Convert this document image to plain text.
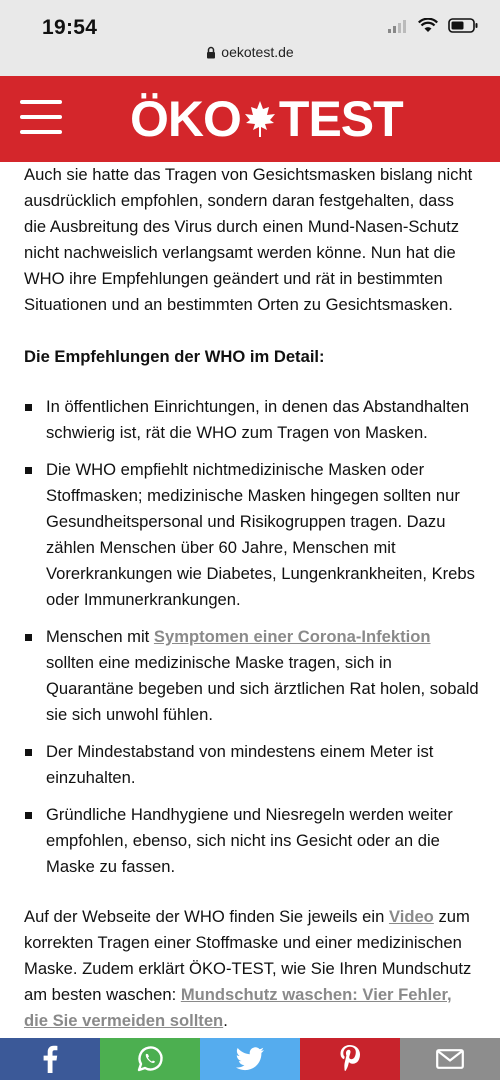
19:54
oekotest.de
ÖKO TEST

Auch sie hatte das Tragen von Gesichtsmasken bislang nicht ausdrücklich empfohlen, sondern daran festgehalten, dass die Ausbreitung des Virus durch einen Mund-Nasen-Schutz nicht nachweislich verlangsamt werden könne. Nun hat die WHO ihre Empfehlungen geändert und rät in bestimmten Situationen und an bestimmten Orten zu Gesichtsmasken.

Die Empfehlungen der WHO im Detail:

In öffentlichen Einrichtungen, in denen das Abstandhalten schwierig ist, rät die WHO zum Tragen von Masken.
Die WHO empfiehlt nichtmedizinische Masken oder Stoffmasken; medizinische Masken hingegen sollten nur Gesundheitspersonal und Risikogruppen tragen. Dazu zählen Menschen über 60 Jahre, Menschen mit Vorerkrankungen wie Diabetes, Lungenkrankheiten, Krebs oder Immunerkrankungen.
Menschen mit Symptomen einer Corona-Infektion sollten eine medizinische Maske tragen, sich in Quarantäne begeben und sich ärztlichen Rat holen, sobald sie sich unwohl fühlen.
Der Mindestabstand von mindestens einem Meter ist einzuhalten.
Gründliche Handhygiene und Niesregeln werden weiter empfohlen, ebenso, sich nicht ins Gesicht oder an die Maske zu fassen.

Auf der Webseite der WHO finden Sie jeweils ein Video zum korrekten Tragen einer Stoffmaske und einer medizinischen Maske. Zudem erklärt ÖKO-TEST, wie Sie Ihren Mundschutz am besten waschen: Mundschutz waschen: Vier Fehler, die Sie vermeiden sollten.
